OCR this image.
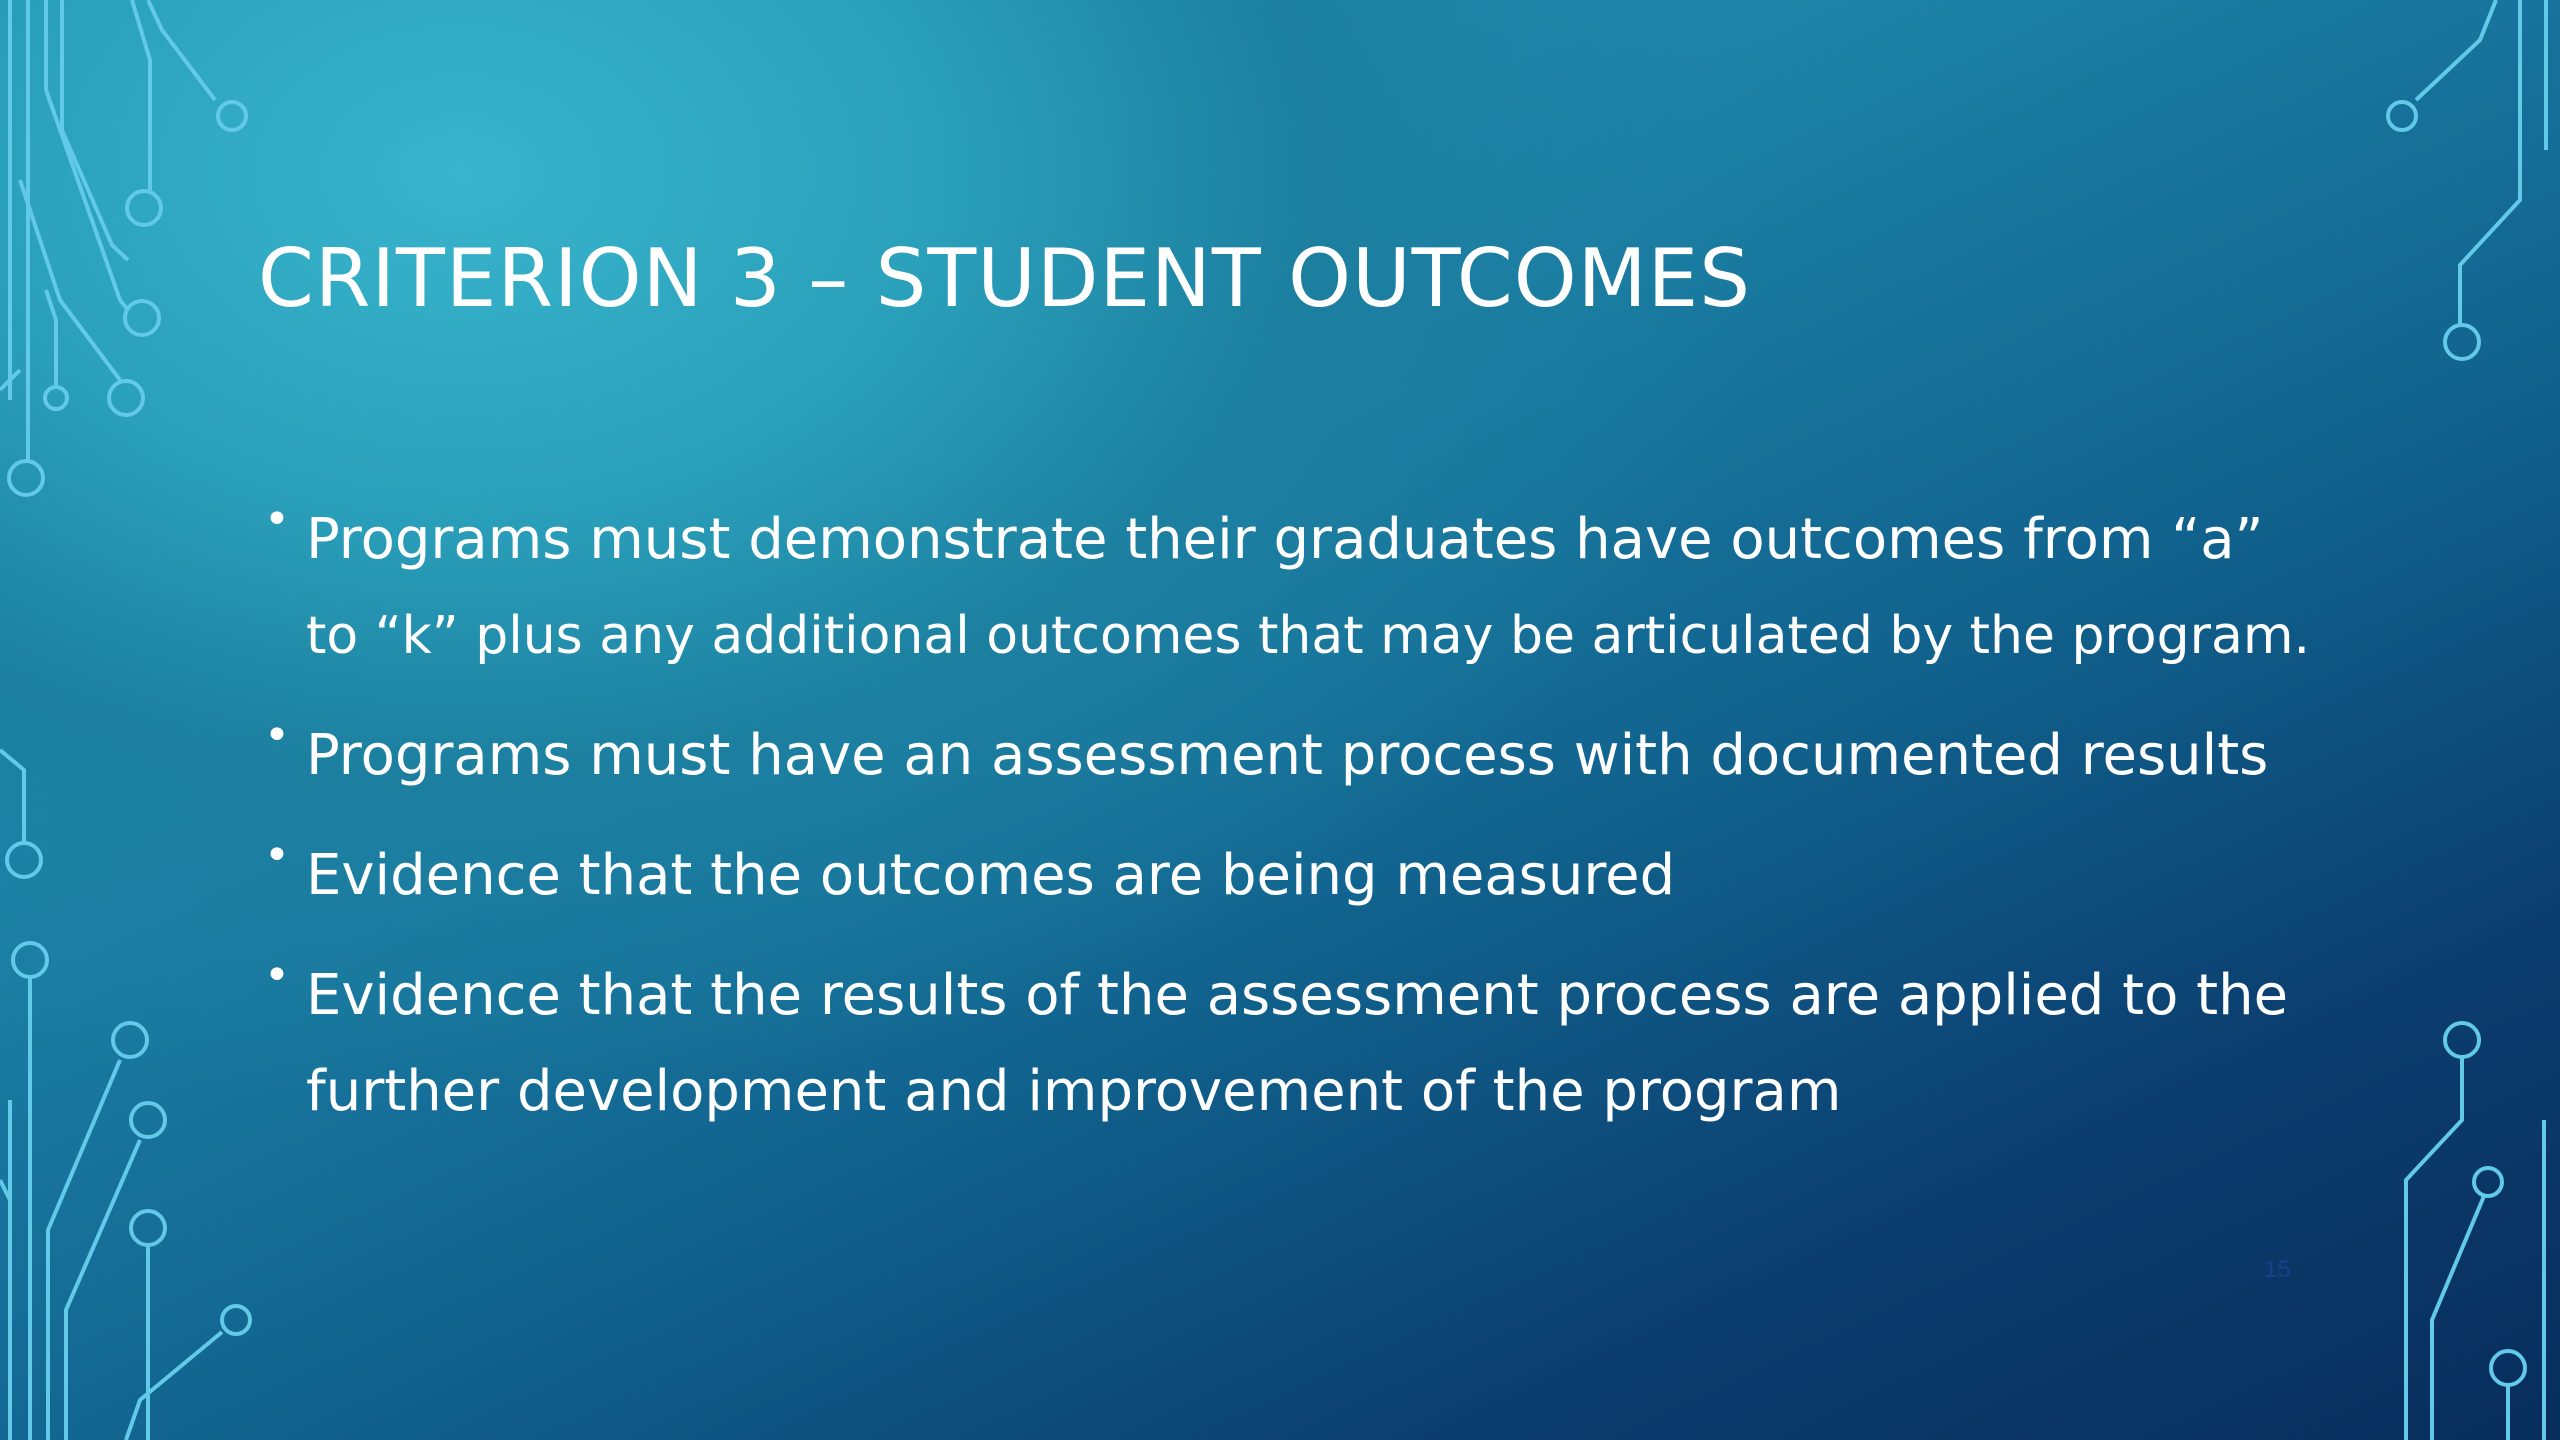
CRITERION 3 – STUDENT OUTCOMES
• Programs must demonstrate their graduates have outcomes from “a”
to “k” plus any additional outcomes that may be articulated by the program.
• Programs must have an assessment process with documented results
• Evidence that the outcomes are being measured
• Evidence that the results of the assessment process are applied to the further development and improvement of the program
15
